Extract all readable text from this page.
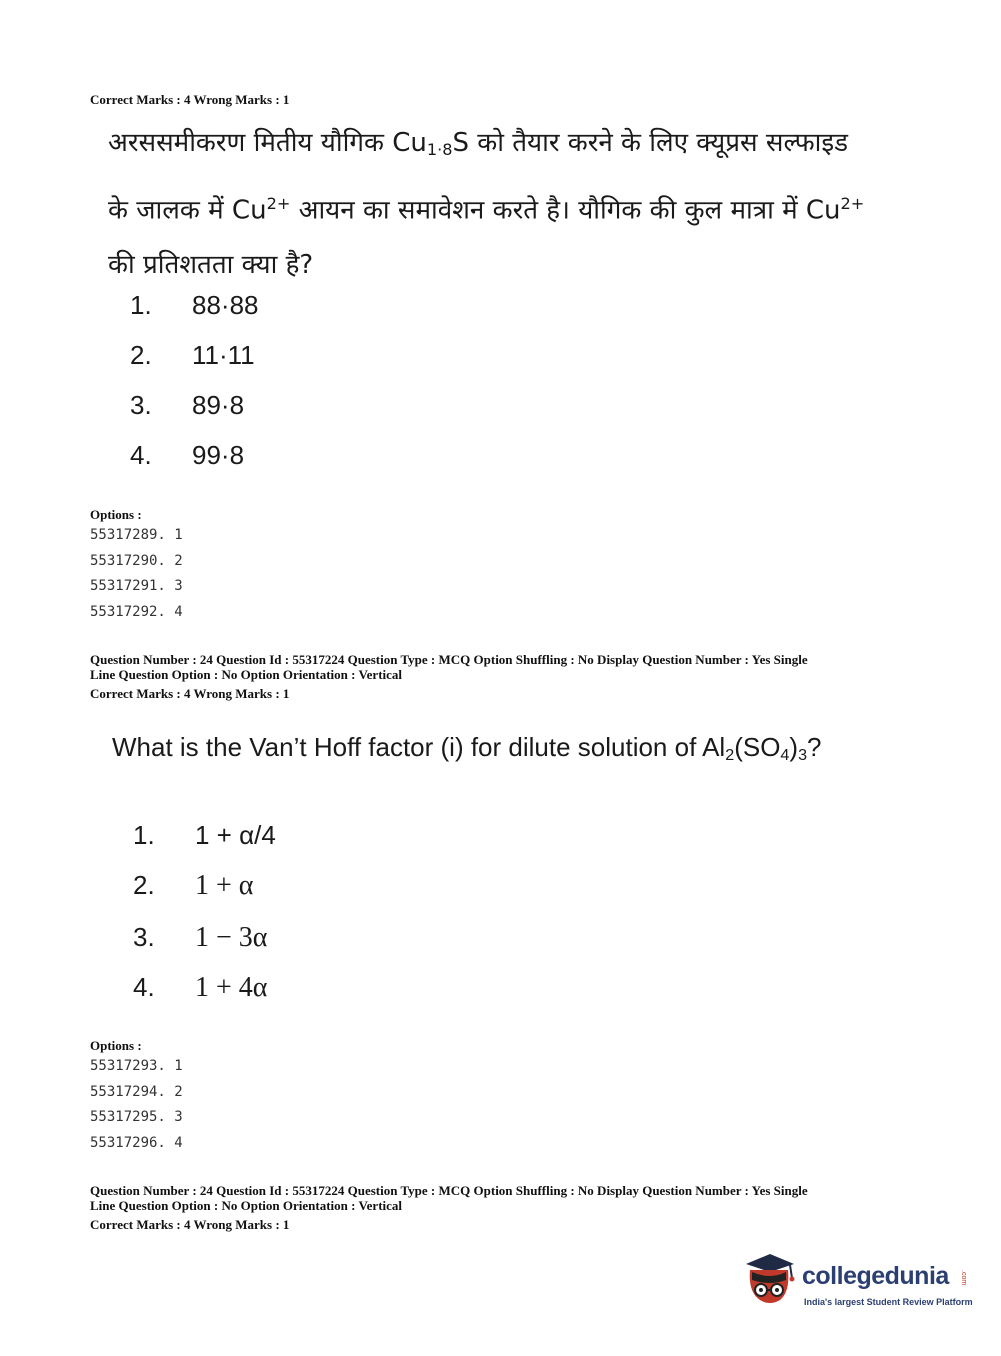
Correct Marks : 4 Wrong Marks : 1
अरससमीकरण मितीय यौगिक $Cu_{1\cdot 8}S$ को तैयार करने के लिए क्यूप्रस सल्फाइड के जालक में $Cu^{2+}$ आयन का समावेशन करते है। यौगिक की कुल मात्रा में $Cu^{2+}$ की प्रतिशतता क्या है?
1. 88·88
2. 11·11
3. 89·8
4. 99·8
Options :
55317289. 1
55317290. 2
55317291. 3
55317292. 4
Question Number : 24 Question Id : 55317224 Question Type : MCQ Option Shuffling : No Display Question Number : Yes Single
Line Question Option : No Option Orientation : Vertical
Correct Marks : 4 Wrong Marks : 1
What is the Van’t Hoff factor (i) for dilute solution of $Al_2(SO_4)_3$?
1. 1 + α/4
2. 1 + α
3. 1 − 3α
4. 1 + 4α
Options :
55317293. 1
55317294. 2
55317295. 3
55317296. 4
Question Number : 24 Question Id : 55317224 Question Type : MCQ Option Shuffling : No Display Question Number : Yes Single
Line Question Option : No Option Orientation : Vertical
Correct Marks : 4 Wrong Marks : 1
collegedunia .com
India's largest Student Review Platform
